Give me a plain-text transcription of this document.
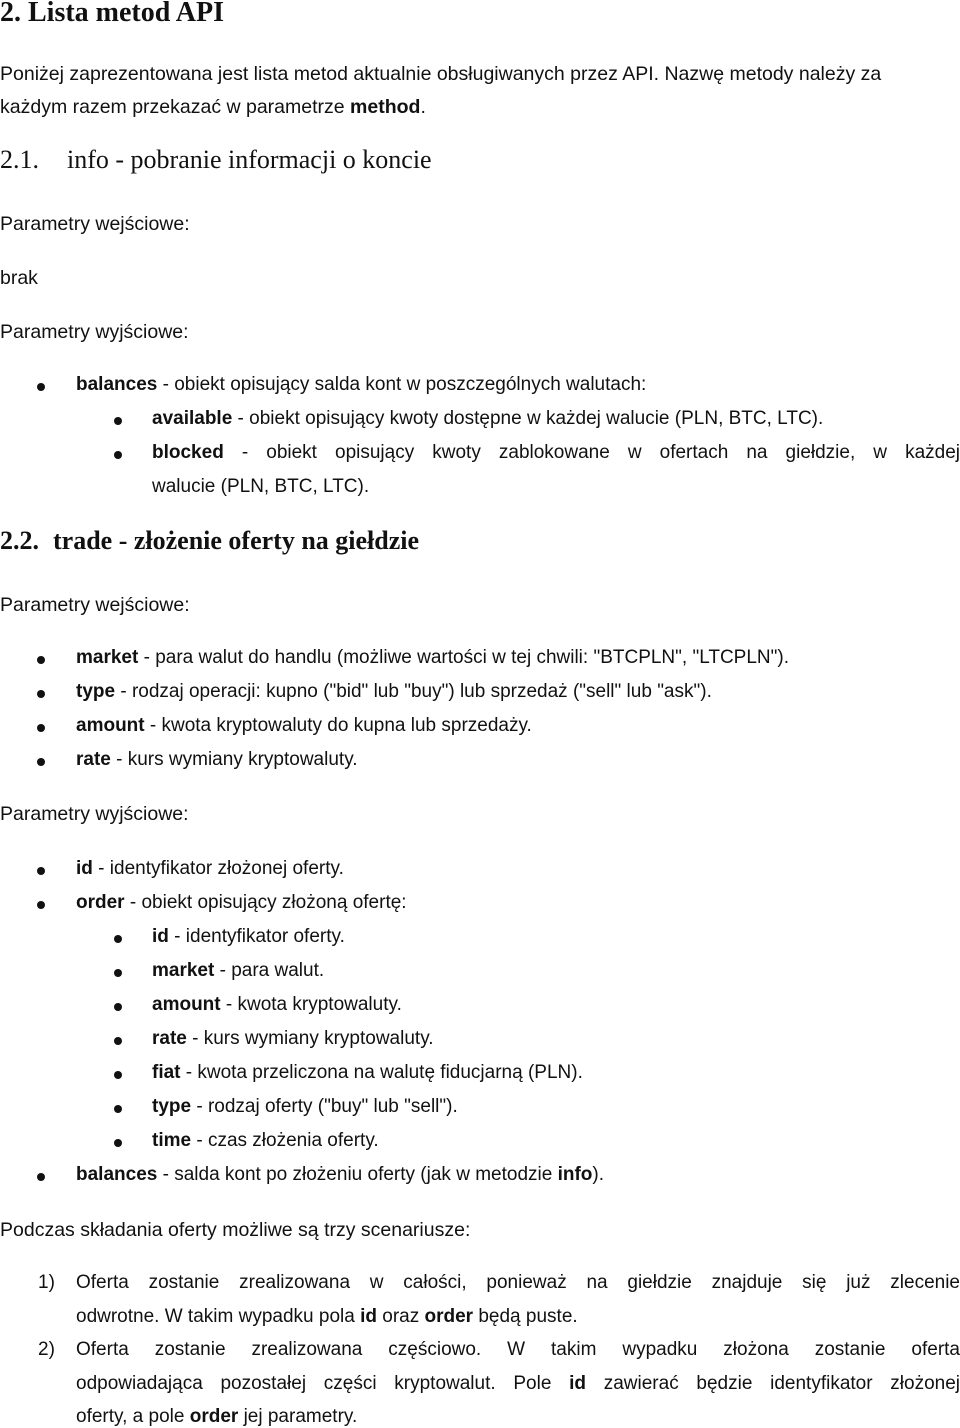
2. Lista metod API
Poniżej zaprezentowana jest lista metod aktualnie obsługiwanych przez API. Nazwę metody należy za
każdym razem przekazać w parametrze method.
2.1. info - pobranie informacji o koncie
Parametry wejściowe:
brak
Parametry wyjściowe:
balances - obiekt opisujący salda kont w poszczególnych walutach:
available - obiekt opisujący kwoty dostępne w każdej walucie (PLN, BTC, LTC).
blocked - obiekt opisujący kwoty zablokowane w ofertach na giełdzie, w każdej
walucie (PLN, BTC, LTC).
2.2. trade - złożenie oferty na giełdzie
Parametry wejściowe:
market - para walut do handlu (możliwe wartości w tej chwili: "BTCPLN", "LTCPLN").
type - rodzaj operacji: kupno ("bid" lub "buy") lub sprzedaż ("sell" lub "ask").
amount - kwota kryptowaluty do kupna lub sprzedaży.
rate - kurs wymiany kryptowaluty.
Parametry wyjściowe:
id - identyfikator złożonej oferty.
order - obiekt opisujący złożoną ofertę:
id - identyfikator oferty.
market - para walut.
amount - kwota kryptowaluty.
rate - kurs wymiany kryptowaluty.
fiat - kwota przeliczona na walutę fiducjarną (PLN).
type - rodzaj oferty ("buy" lub "sell").
time - czas złożenia oferty.
balances - salda kont po złożeniu oferty (jak w metodzie info).
Podczas składania oferty możliwe są trzy scenariusze:
1) Oferta zostanie zrealizowana w całości, ponieważ na giełdzie znajduje się już zlecenie
odwrotne. W takim wypadku pola id oraz order będą puste.
2) Oferta zostanie zrealizowana częściowo. W takim wypadku złożona zostanie oferta
odpowiadająca pozostałej części kryptowalut. Pole id zawierać będzie identyfikator złożonej
oferty, a pole order jej parametry.
